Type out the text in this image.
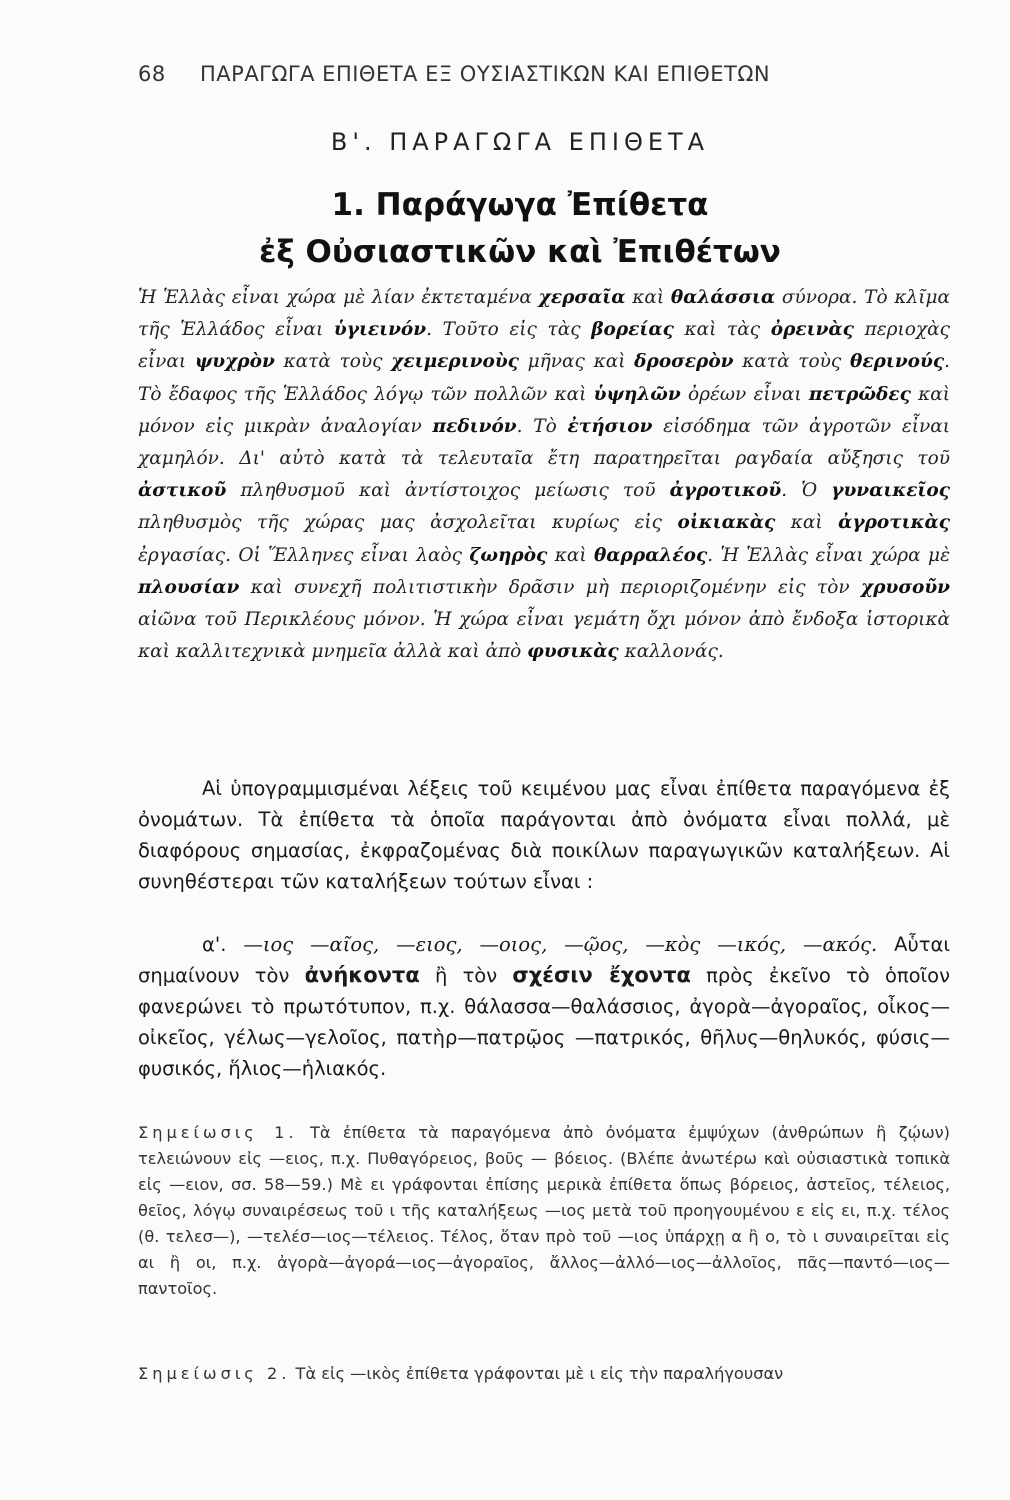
68 ΠΑΡΑΓΩΓΑ ΕΠΙΘΕΤΑ ΕΞ ΟΥΣΙΑΣΤΙΚΩΝ ΚΑΙ ΕΠΙΘΕΤΩΝ
Β'. ΠΑΡΑΓΩΓΑ ΕΠΙΘΕΤΑ
1. Παράγωγα Ἐπίθετα
ἐξ Οὐσιαστικῶν καὶ Ἐπιθέτων
Ἡ Ἑλλὰς εἶναι χώρα μὲ λίαν ἐκτεταμένα χερσαῖα καὶ θαλάσσια σύνορα. Τὸ κλῖμα τῆς Ἑλλάδος εἶναι ὑγιεινόν. Τοῦτο εἰς τὰς βορείας καὶ τὰς ὀρεινὰς περιοχὰς εἶναι ψυχρὸν κατὰ τοὺς χειμερινοὺς μῆνας καὶ δροσερὸν κατὰ τοὺς θερινούς. Τὸ ἔδαφος τῆς Ἑλλάδος λόγῳ τῶν πολλῶν καὶ ὑψηλῶν ὀρέων εἶναι πετρῶδες καὶ μόνον εἰς μικρὰν ἀναλογίαν πεδινόν. Τὸ ἐτήσιον εἰσόδημα τῶν ἀγροτῶν εἶναι χαμηλόν. Δι' αὐτὸ κατὰ τὰ τελευταῖα ἔτη παρατηρεῖται ραγδαία αὔξησις τοῦ ἀστικοῦ πληθυσμοῦ καὶ ἀντίστοιχος μείωσις τοῦ ἀγροτικοῦ. Ὁ γυναικεῖος πληθυσμὸς τῆς χώρας μας ἀσχολεῖται κυρίως εἰς οἰκιακὰς καὶ ἀγροτικὰς ἐργασίας. Οἱ Ἕλληνες εἶναι λαὸς ζωηρὸς καὶ θαρραλέος. Ἡ Ἑλλὰς εἶναι χώρα μὲ πλουσίαν καὶ συνεχῆ πολιτιστικὴν δρᾶσιν μὴ περιοριζομένην εἰς τὸν χρυσοῦν αἰῶνα τοῦ Περικλέους μόνον. Ἡ χώρα εἶναι γεμάτη ὄχι μόνον ἀπὸ ἔνδοξα ἱστορικὰ καὶ καλλιτεχνικὰ μνημεῖα ἀλλὰ καὶ ἀπὸ φυσικὰς καλλονάς.
Αἱ ὑπογραμμισμέναι λέξεις τοῦ κειμένου μας εἶναι ἐπίθετα παραγόμενα ἐξ ὀνομάτων. Τὰ ἐπίθετα τὰ ὁποῖα παράγονται ἀπὸ ὀνόματα εἶναι πολλά, μὲ διαφόρους σημασίας, ἐκφραζομένας διὰ ποικίλων παραγωγικῶν καταλήξεων. Αἱ συνηθέστεραι τῶν καταλήξεων τούτων εἶναι :
α'. —ιος —αῖος, —ειος, —οιος, —ῷος, —κὸς —ικός, —ακός. Αὗται σημαίνουν τὸν ἀνήκοντα ἢ τὸν σχέσιν ἔχοντα πρὸς ἐκεῖνο τὸ ὁποῖον φανερώνει τὸ πρωτότυπον, π.χ. θάλασσα—θαλάσσιος, ἀγορὰ—ἀγοραῖος, οἶκος—οἰκεῖος, γέλως—γελοῖος, πατὴρ—πατρῷος —πατρικός, θῆλυς—θηλυκός, φύσις—φυσικός, ἥλιος—ἡλιακός.
Σημείωσις 1. Τὰ ἐπίθετα τὰ παραγόμενα ἀπὸ ὀνόματα ἐμψύχων (ἀνθρώπων ἢ ζῴων) τελειώνουν εἰς —ειος, π.χ. Πυθαγόρειος, βοῦς — βόειος. (Βλέπε ἀνωτέρω καὶ οὐσιαστικὰ τοπικὰ εἰς —ειον, σσ. 58—59.) Μὲ ει γράφονται ἐπίσης μερικὰ ἐπίθετα ὅπως βόρειος, ἀστεῖος, τέλειος, θεῖος, λόγῳ συναιρέσεως τοῦ ι τῆς καταλήξεως —ιος μετὰ τοῦ προηγουμένου ε εἰς ει, π.χ. τέλος (θ. τελεσ—), —τελέσ—ιος—τέλειος. Τέλος, ὅταν πρὸ τοῦ —ιος ὑπάρχῃ α ἢ ο, τὸ ι συναιρεῖται εἰς αι ἢ οι, π.χ. ἀγορὰ—ἀγορά—ιος—ἀγοραῖος, ἄλλος—ἀλλό—ιος—ἀλλοῖος, πᾶς—παντό—ιος—παντοῖος.
Σημείωσις 2. Τὰ εἰς —ικὸς ἐπίθετα γράφονται μὲ ι εἰς τὴν παραλήγουσαν
